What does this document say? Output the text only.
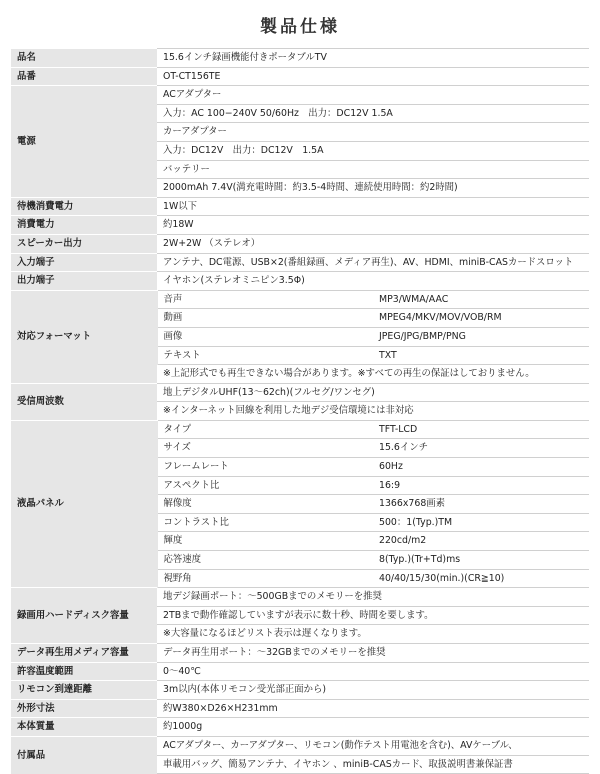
製品仕様
品名	15.6インチ録画機能付きポータブルTV	
品番	OT-CT156TE	
電源	ACアダプター	
	入力：AC 100−240V 50/60Hz　出力：DC12V 1.5A	
	カーアダプター	
	入力：DC12V　出力：DC12V　1.5A	
	バッテリー	
	2000mAh 7.4V(満充電時間：約3.5-4時間、連続使用時間：約2時間)	
待機消費電力	1W以下	
消費電力	約18W	
スピーカー出力	2W+2W （ステレオ）	
入力端子	アンテナ、DC電源、USB×2(番組録画、メディア再生)、AV、HDMI、miniB-CASカードスロット	
出力端子	イヤホン(ステレオミニピン3.5Φ)	
対応フォーマット	音声	MP3/WMA/AAC
	動画	MPEG4/MKV/MOV/VOB/RM
	画像	JPEG/JPG/BMP/PNG
	テキスト	TXT
	※上記形式でも再生できない場合があります。※すべての再生の保証はしておりません。	
受信周波数	地上デジタルUHF(13～62ch)(フルセグ/ワンセグ)	
	※インターネット回線を利用した地デジ受信環境には非対応	
液晶パネル	タイプ	TFT-LCD
	サイズ	15.6インチ
	フレームレート	60Hz
	アスペクト比	16:9
	解像度	1366x768画素
	コントラスト比	500：1(Typ.)TM
	輝度	220cd/m2
	応答速度	8(Typ.)(Tr+Td)ms
	視野角	40/40/15/30(min.)(CR≧10)
録画用ハードディスク容量	地デジ録画ポート：～500GBまでのメモリーを推奨	
	2TBまで動作確認していますが表示に数十秒、時間を要します。	
	※大容量になるほどリスト表示は遅くなります。	
データ再生用メディア容量	データ再生用ポート：～32GBまでのメモリーを推奨	
許容温度範囲	0～40℃	
リモコン到達距離	3m以内(本体リモコン受光部正面から)	
外形寸法	約W380×D26×H231mm	
本体質量	約1000g	
付属品	ACアダプター、カーアダプター、リモコン(動作テスト用電池を含む)、AVケーブル、	
	車載用バッグ、簡易アンテナ、イヤホン 、miniB-CASカード、取扱説明書兼保証書	
